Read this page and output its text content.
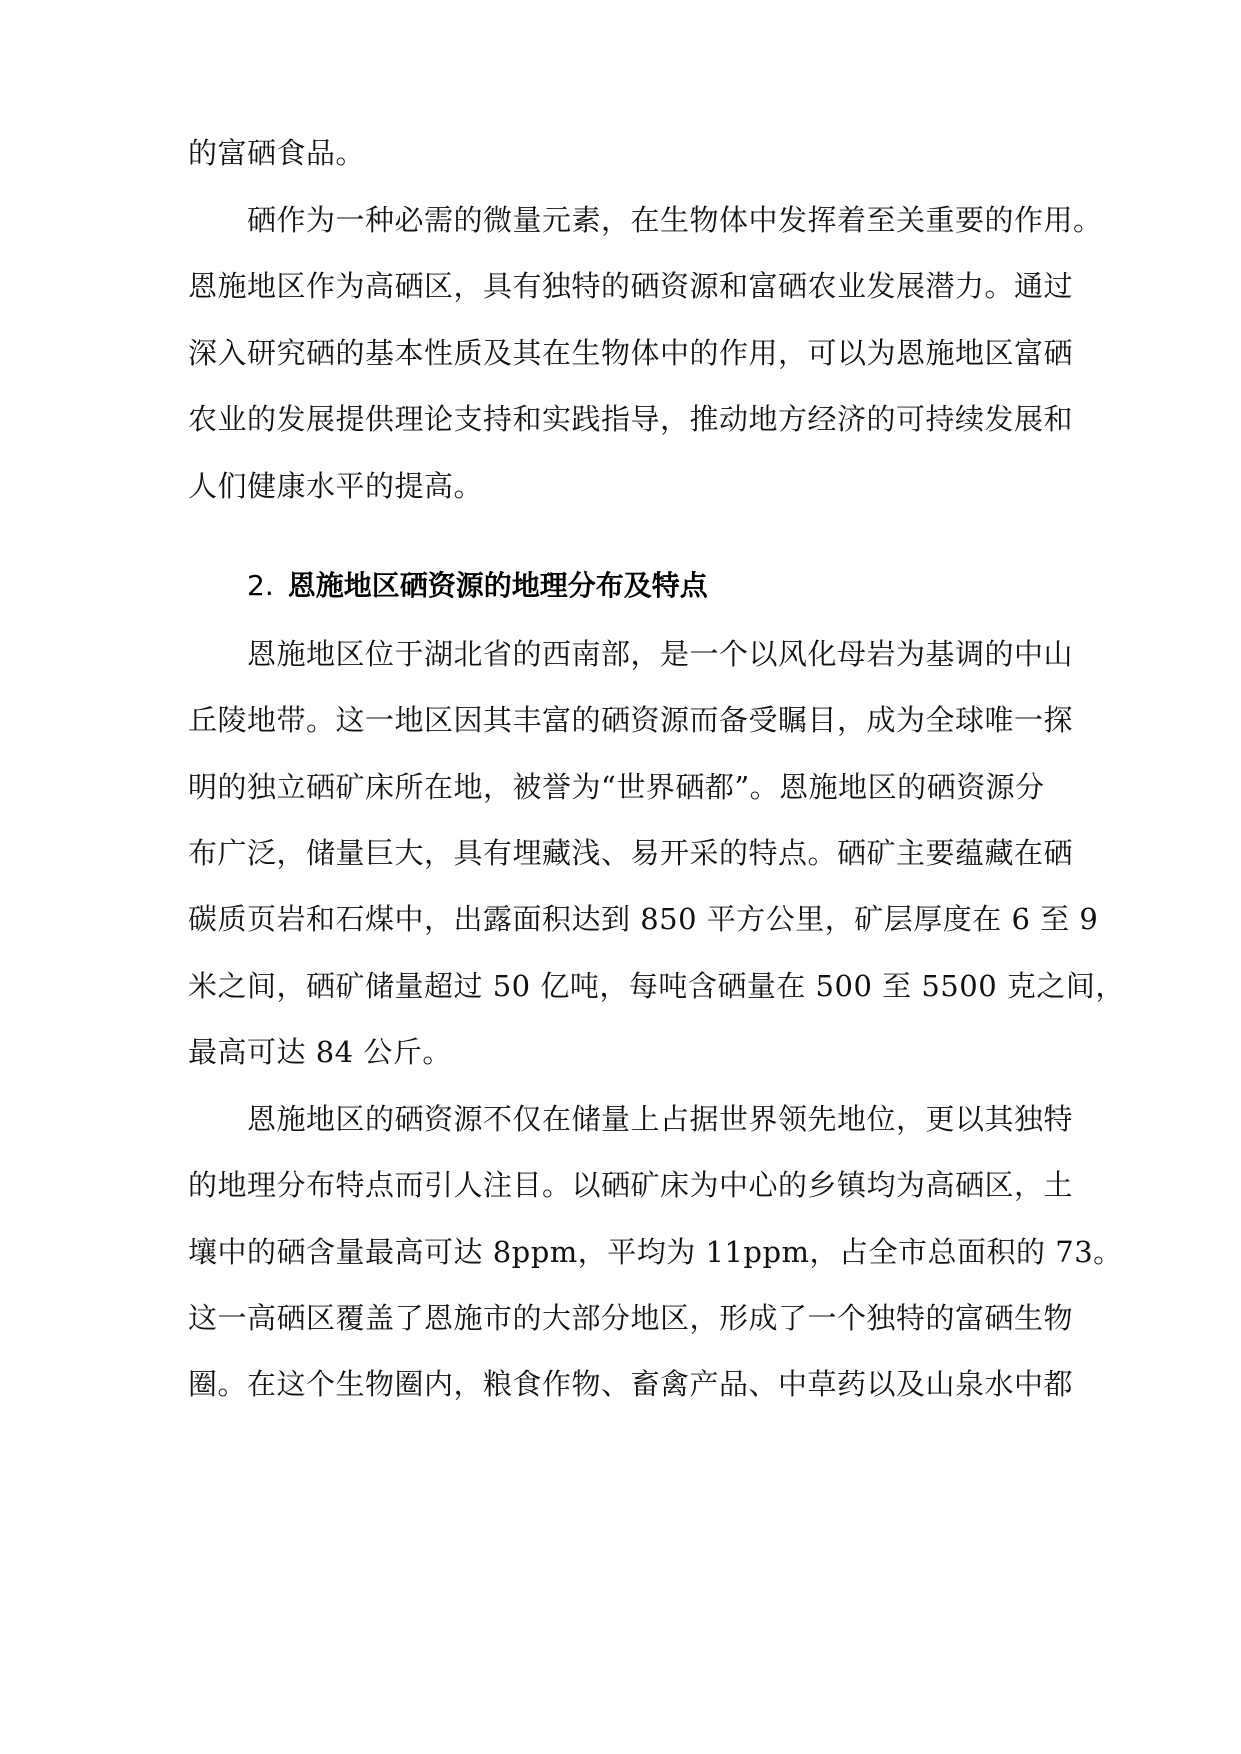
的富硒食品。
硒作为一种必需的微量元素，在生物体中发挥着至关重要的作用。
恩施地区作为高硒区，具有独特的硒资源和富硒农业发展潜力。通过
深入研究硒的基本性质及其在生物体中的作用，可以为恩施地区富硒
农业的发展提供理论支持和实践指导，推动地方经济的可持续发展和
人们健康水平的提高。
2. 恩施地区硒资源的地理分布及特点
恩施地区位于湖北省的西南部，是一个以风化母岩为基调的中山
丘陵地带。这一地区因其丰富的硒资源而备受瞩目，成为全球唯一探
明的独立硒矿床所在地，被誉为“世界硒都”。恩施地区的硒资源分
布广泛，储量巨大，具有埋藏浅、易开采的特点。硒矿主要蕴藏在硒
碳质页岩和石煤中，出露面积达到 850 平方公里，矿层厚度在 6 至 9
米之间，硒矿储量超过 50 亿吨，每吨含硒量在 500 至 5500 克之间，
最高可达 84 公斤。
恩施地区的硒资源不仅在储量上占据世界领先地位，更以其独特
的地理分布特点而引人注目。以硒矿床为中心的乡镇均为高硒区，土
壤中的硒含量最高可达 8ppm，平均为 11ppm，占全市总面积的 73。
这一高硒区覆盖了恩施市的大部分地区，形成了一个独特的富硒生物
圈。在这个生物圈内，粮食作物、畜禽产品、中草药以及山泉水中都
